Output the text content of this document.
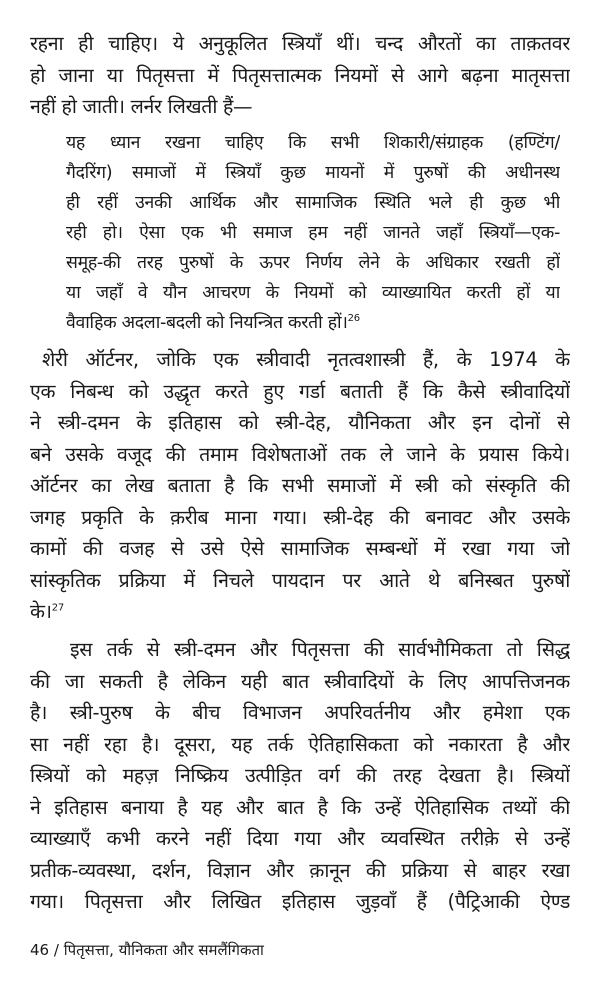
रहना ही चाहिए। ये अनुकूलित स्त्रियाँ थीं। चन्द औरतों का ताक़तवर
हो जाना या पितृसत्ता में पितृसत्तात्मक नियमों से आगे बढ़ना मातृसत्ता
नहीं हो जाती। लर्नर लिखती हैं—
यह ध्यान रखना चाहिए कि सभी शिकारी/संग्राहक (हण्टिंग/
गैदरिंग) समाजों में स्त्रियाँ कुछ मायनों में पुरुषों की अधीनस्थ
ही रहीं उनकी आर्थिक और सामाजिक स्थिति भले ही कुछ भी
रही हो। ऐसा एक भी समाज हम नहीं जानते जहाँ स्त्रियाँ—एक-
समूह-की तरह पुरुषों के ऊपर निर्णय लेने के अधिकार रखती हों
या जहाँ वे यौन आचरण के नियमों को व्याख्यायित करती हों या
वैवाहिक अदला-बदली को नियन्त्रित करती हों।$^{26}$
शेरी ऑर्टनर, जोकि एक स्त्रीवादी नृतत्वशास्त्री हैं, के 1974 के
एक निबन्ध को उद्धृत करते हुए गर्डा बताती हैं कि कैसे स्त्रीवादियों
ने स्त्री-दमन के इतिहास को स्त्री-देह, यौनिकता और इन दोनों से
बने उसके वजूद की तमाम विशेषताओं तक ले जाने के प्रयास किये।
ऑर्टनर का लेख बताता है कि सभी समाजों में स्त्री को संस्कृति की
जगह प्रकृति के क़रीब माना गया। स्त्री-देह की बनावट और उसके
कामों की वजह से उसे ऐसे सामाजिक सम्बन्धों में रखा गया जो
सांस्कृतिक प्रक्रिया में निचले पायदान पर आते थे बनिस्बत पुरुषों
के।$^{27}$
इस तर्क से स्त्री-दमन और पितृसत्ता की सार्वभौमिकता तो सिद्ध
की जा सकती है लेकिन यही बात स्त्रीवादियों के लिए आपत्तिजनक
है। स्त्री-पुरुष के बीच विभाजन अपरिवर्तनीय और हमेशा एक
सा नहीं रहा है। दूसरा, यह तर्क ऐतिहासिकता को नकारता है और
स्त्रियों को महज़ निष्क्रिय उत्पीड़ित वर्ग की तरह देखता है। स्त्रियों
ने इतिहास बनाया है यह और बात है कि उन्हें ऐतिहासिक तथ्यों की
व्याख्याएँ कभी करने नहीं दिया गया और व्यवस्थित तरीक़े से उन्हें
प्रतीक-व्यवस्था, दर्शन, विज्ञान और क़ानून की प्रक्रिया से बाहर रखा
गया। पितृसत्ता और लिखित इतिहास जुड़वाँ हैं (पैट्रिआकी ऐण्ड
46 / पितृसत्ता, यौनिकता और समलैंगिकता
